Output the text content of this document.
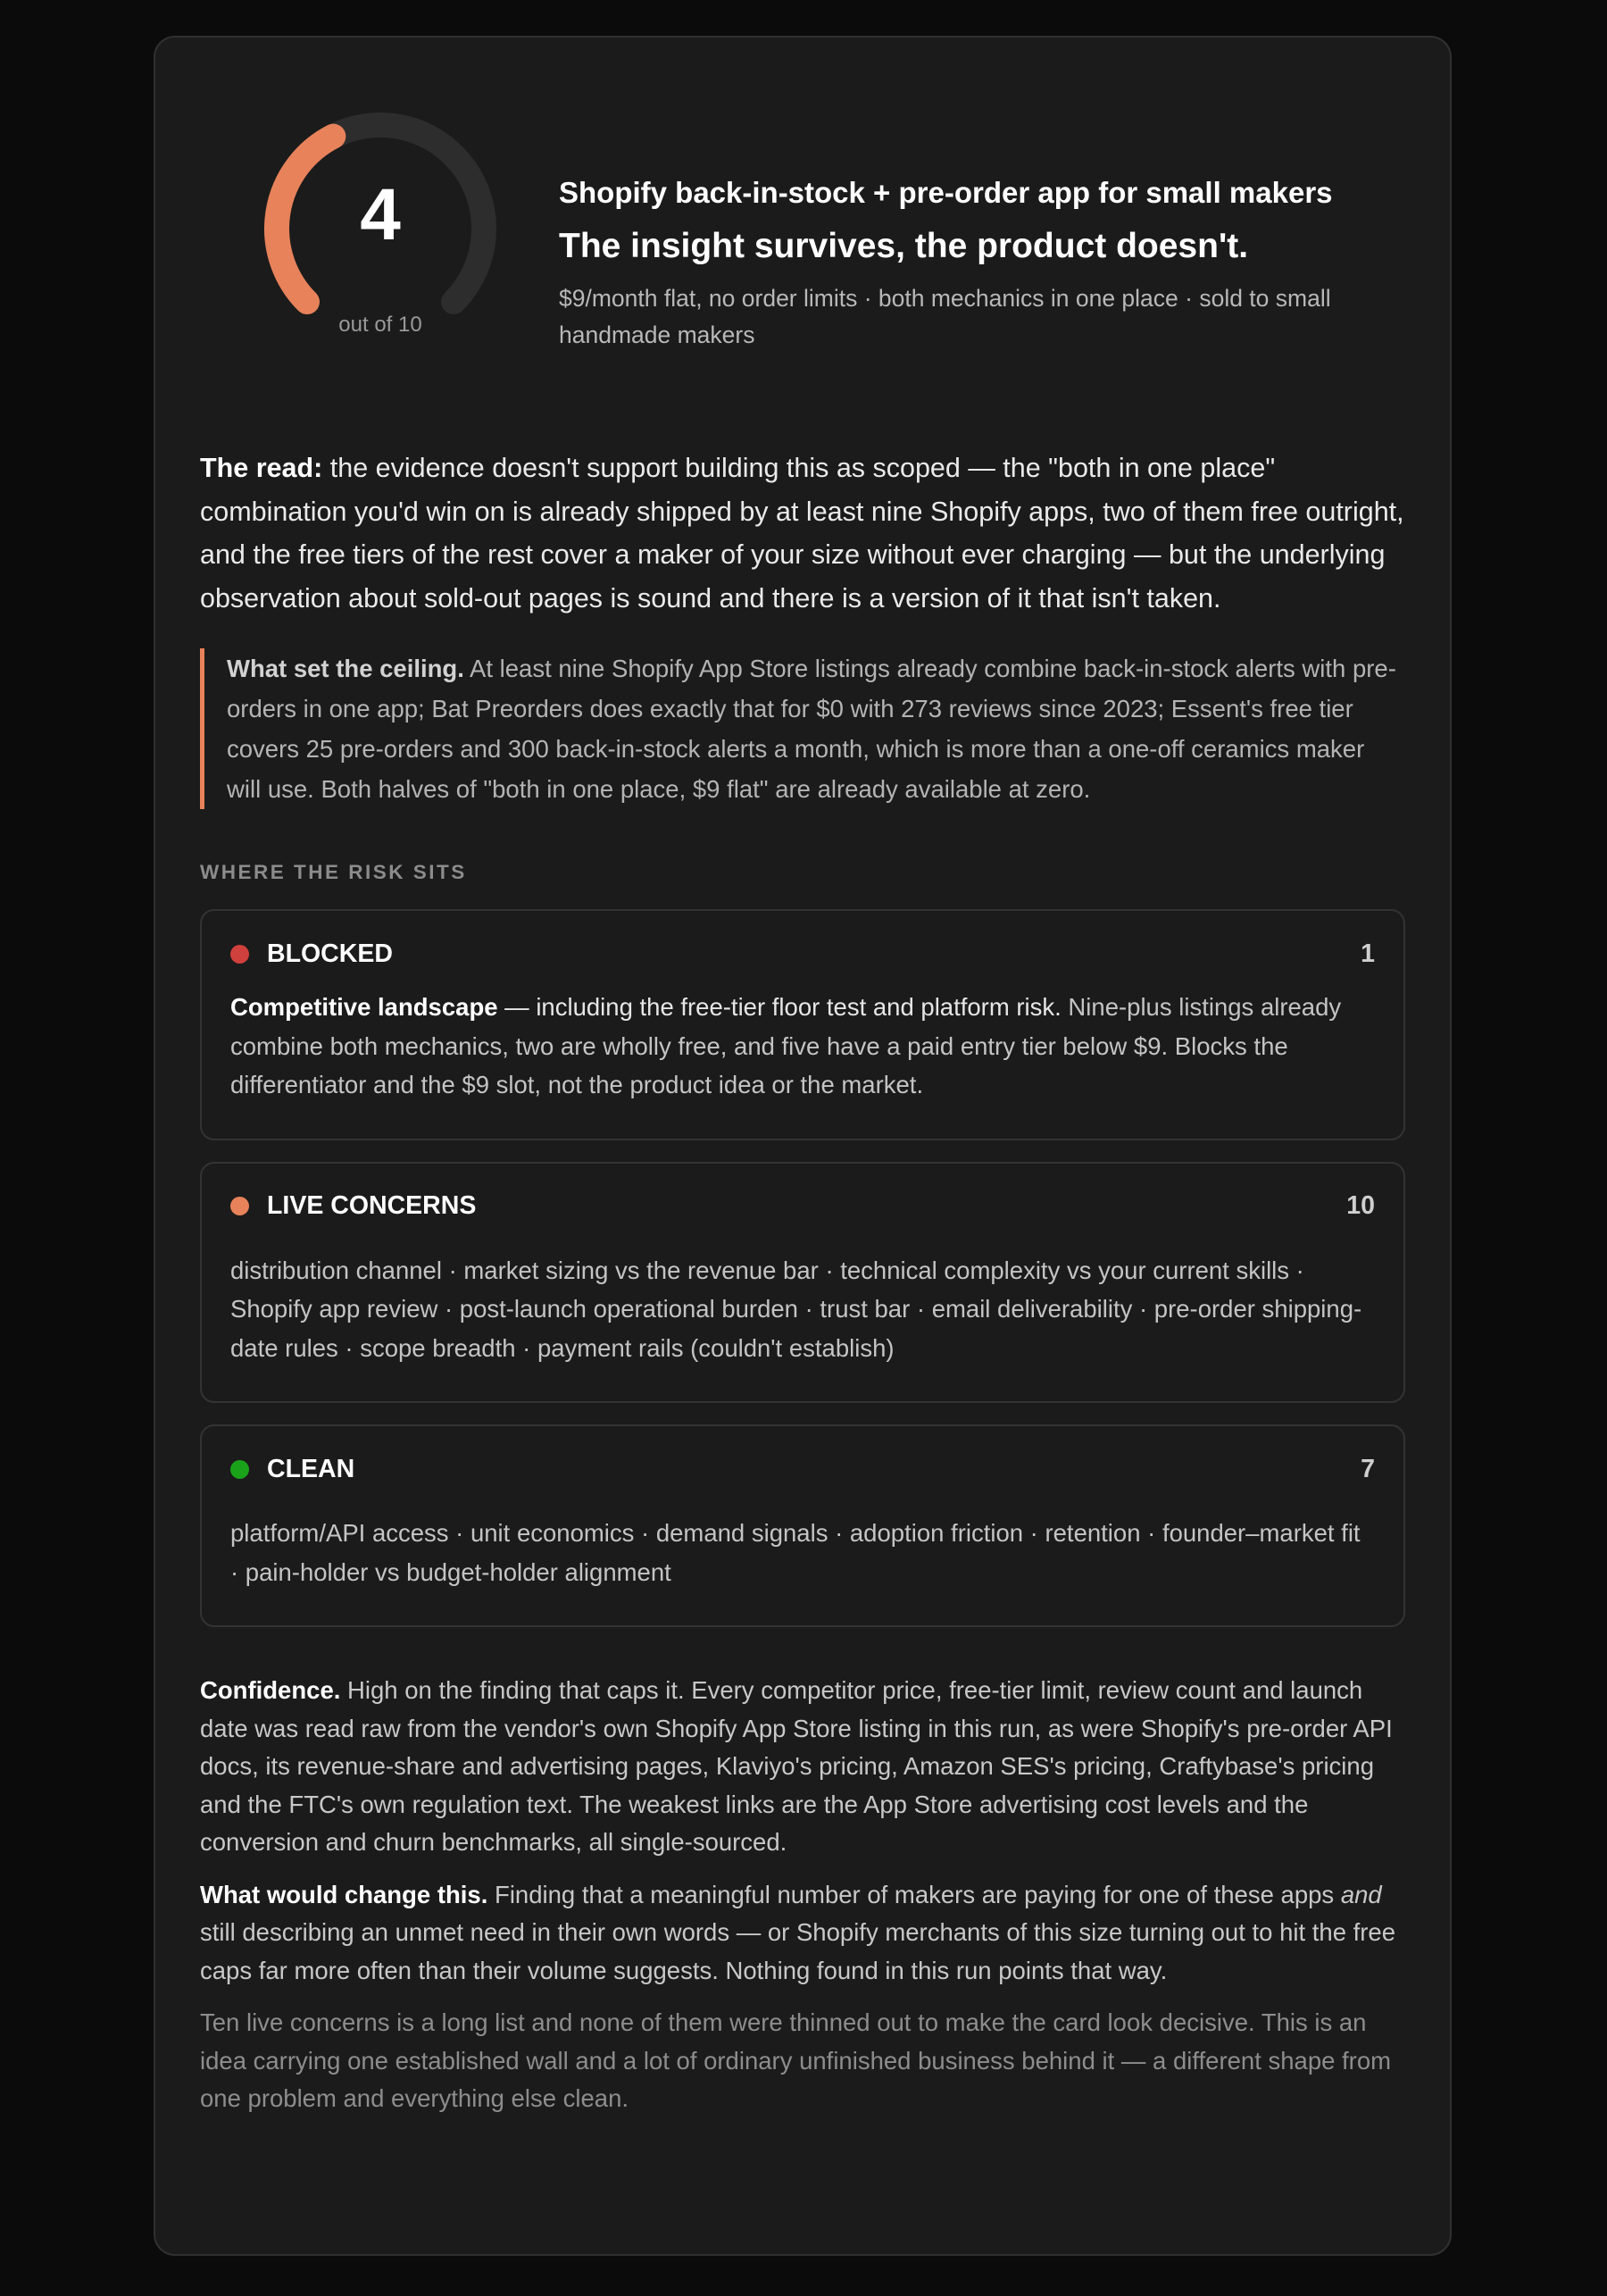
4
out of 10
Shopify back-in-stock + pre-order app for small makers
The insight survives, the product doesn't.
$9/month flat, no order limits · both mechanics in one place · sold to small handmade makers
The read: the evidence doesn't support building this as scoped — the "both in one place" combination you'd win on is already shipped by at least nine Shopify apps, two of them free outright, and the free tiers of the rest cover a maker of your size without ever charging — but the underlying observation about sold-out pages is sound and there is a version of it that isn't taken.
What set the ceiling. At least nine Shopify App Store listings already combine back-in-stock alerts with pre-orders in one app; Bat Preorders does exactly that for $0 with 273 reviews since 2023; Essent's free tier covers 25 pre-orders and 300 back-in-stock alerts a month, which is more than a one-off ceramics maker will use. Both halves of "both in one place, $9 flat" are already available at zero.
WHERE THE RISK SITS
BLOCKED	1
Competitive landscape — including the free-tier floor test and platform risk. Nine-plus listings already combine both mechanics, two are wholly free, and five have a paid entry tier below $9. Blocks the differentiator and the $9 slot, not the product idea or the market.
LIVE CONCERNS	10
distribution channel · market sizing vs the revenue bar · technical complexity vs your current skills · Shopify app review · post-launch operational burden · trust bar · email deliverability · pre-order shipping-date rules · scope breadth · payment rails (couldn't establish)
CLEAN	7
platform/API access · unit economics · demand signals · adoption friction · retention · founder–market fit · pain-holder vs budget-holder alignment
Confidence. High on the finding that caps it. Every competitor price, free-tier limit, review count and launch date was read raw from the vendor's own Shopify App Store listing in this run, as were Shopify's pre-order API docs, its revenue-share and advertising pages, Klaviyo's pricing, Amazon SES's pricing, Craftybase's pricing and the FTC's own regulation text. The weakest links are the App Store advertising cost levels and the conversion and churn benchmarks, all single-sourced.
What would change this. Finding that a meaningful number of makers are paying for one of these apps and still describing an unmet need in their own words — or Shopify merchants of this size turning out to hit the free caps far more often than their volume suggests. Nothing found in this run points that way.
Ten live concerns is a long list and none of them were thinned out to make the card look decisive. This is an idea carrying one established wall and a lot of ordinary unfinished business behind it — a different shape from one problem and everything else clean.
